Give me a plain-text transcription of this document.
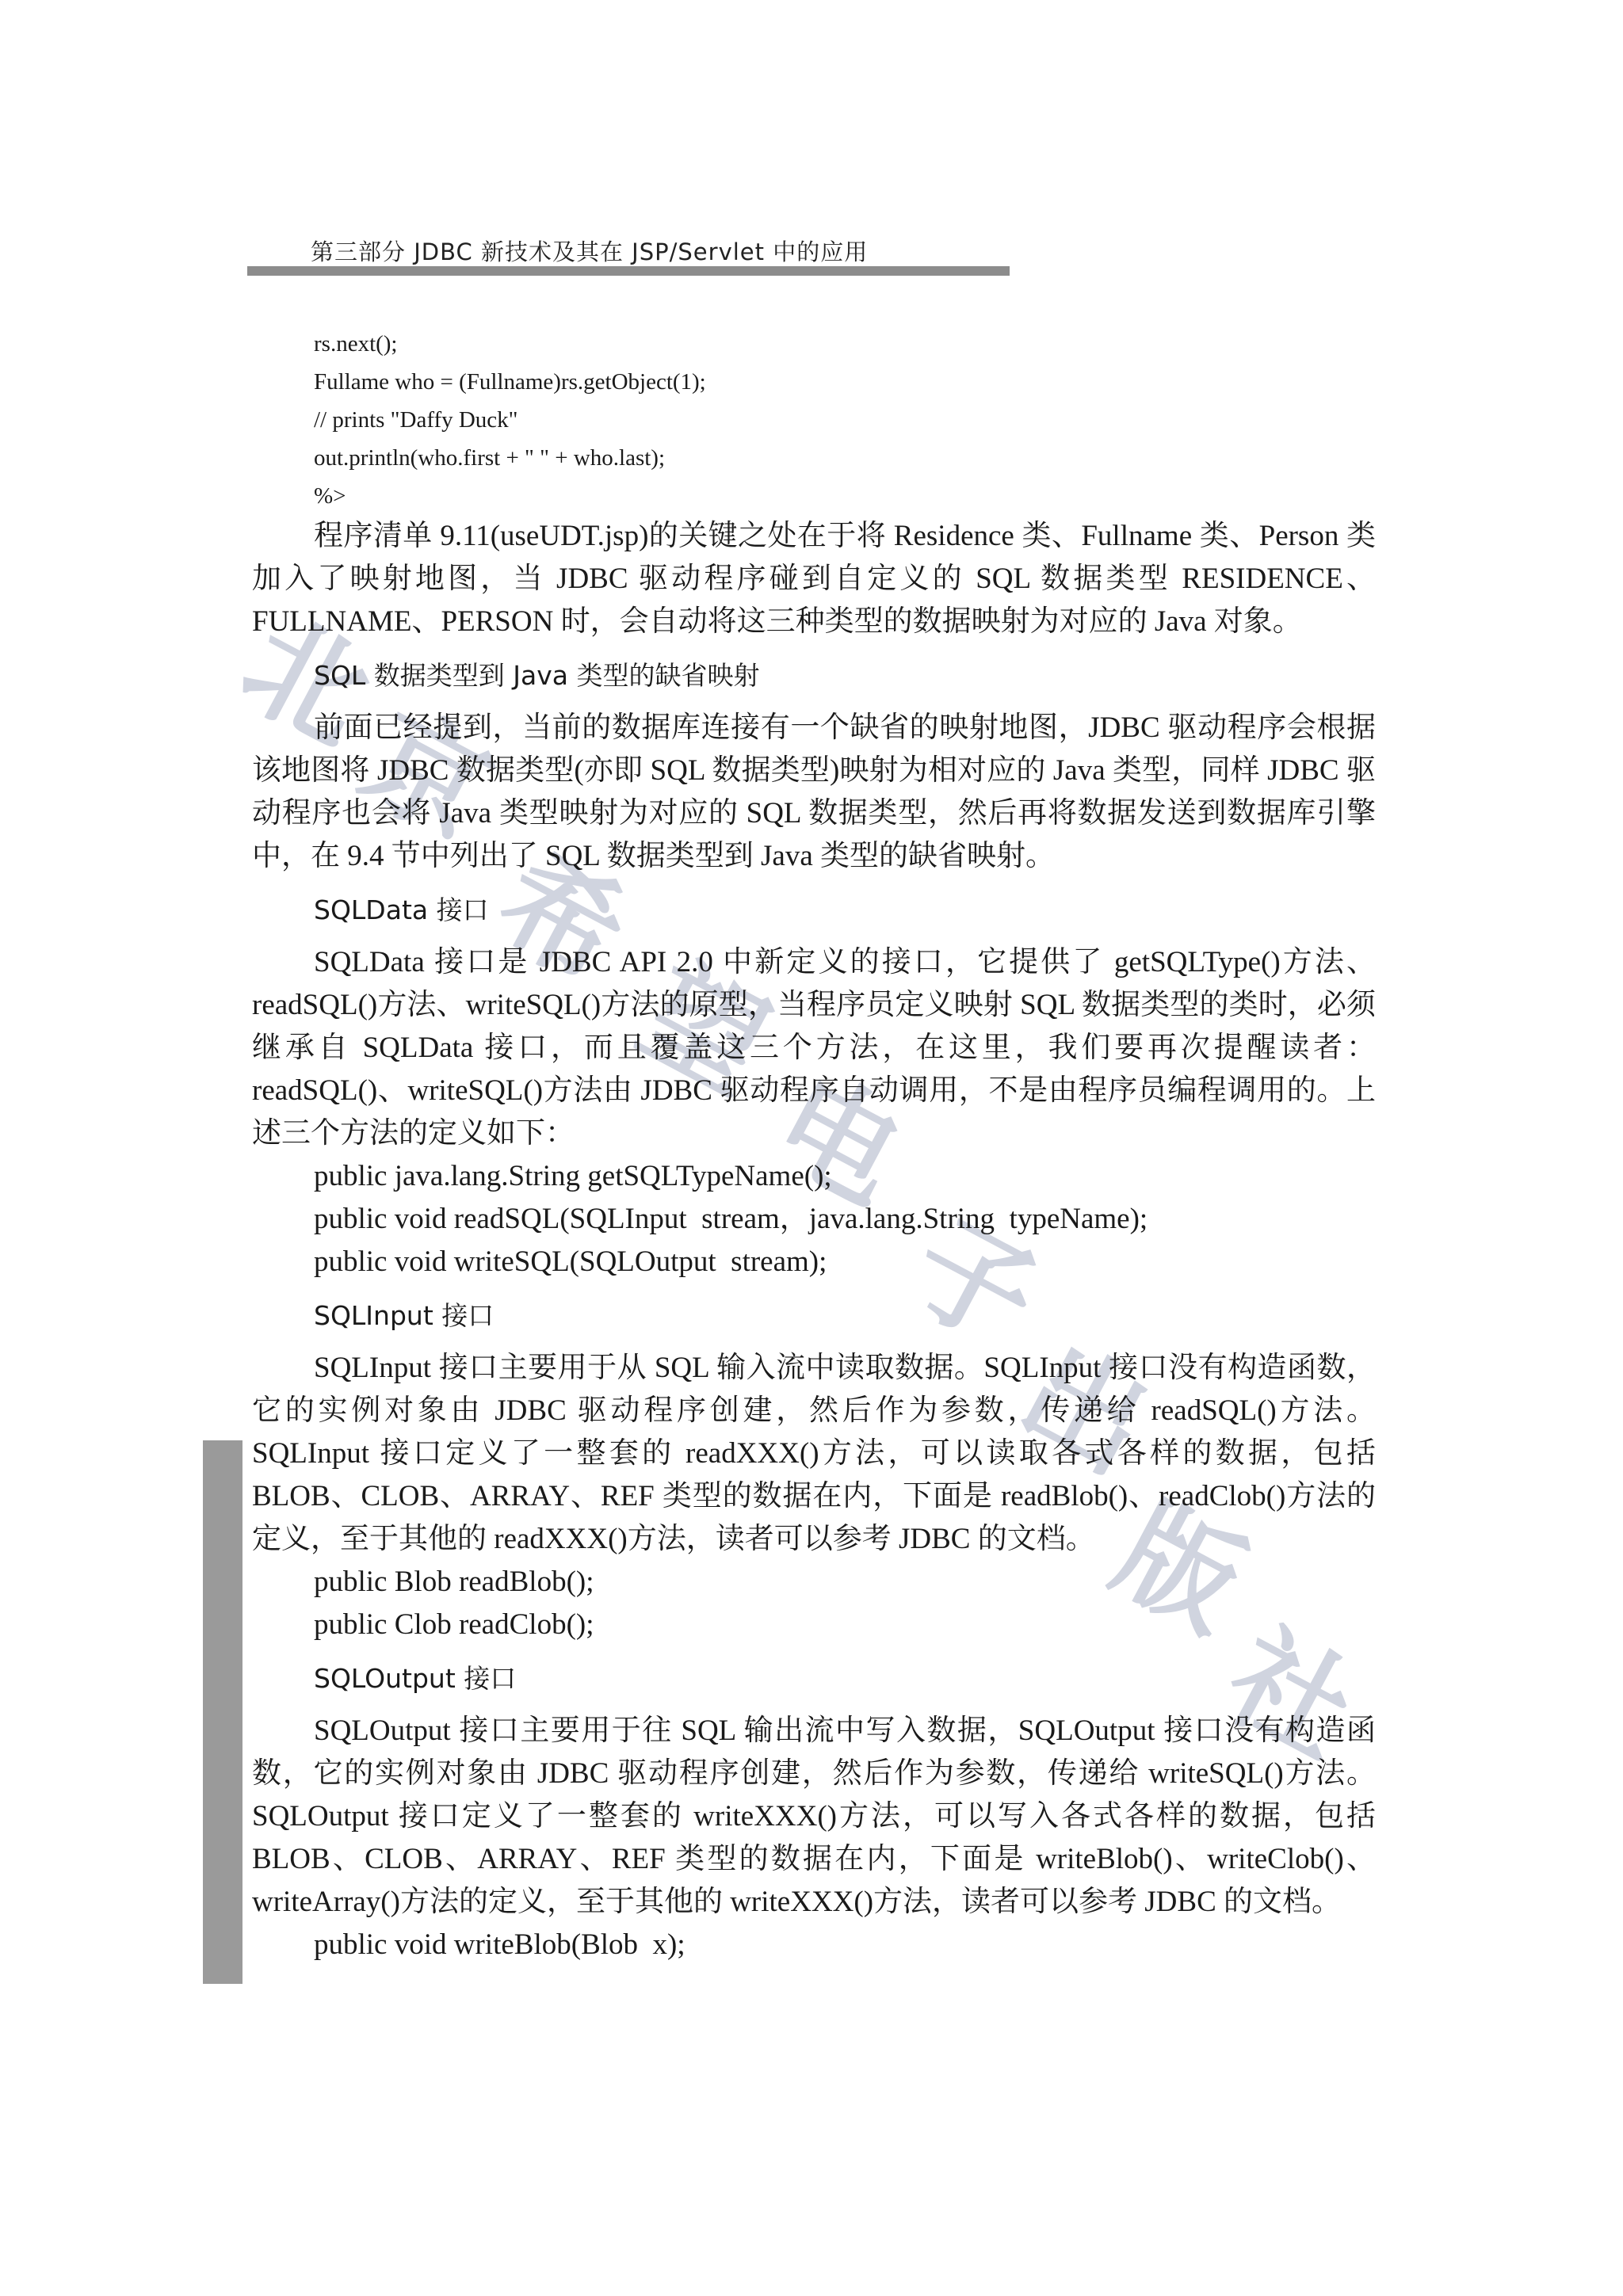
第三部分 JDBC 新技术及其在 JSP/Servlet 中的应用
北
京
希
望
电
子
出
版
社
rs.next();
Fullame who = (Fullname)rs.getObject(1);
// prints "Daffy Duck"
out.println(who.first + " " + who.last);
%>

程序清单 9.11(useUDT.jsp)的关键之处在于将 Residence 类、Fullname 类、Person 类加入了映射地图，当 JDBC 驱动程序碰到自定义的 SQL 数据类型 RESIDENCE、FULLNAME、PERSON 时，会自动将这三种类型的数据映射为对应的 Java 对象。

SQL 数据类型到 Java 类型的缺省映射

前面已经提到，当前的数据库连接有一个缺省的映射地图，JDBC 驱动程序会根据该地图将 JDBC 数据类型(亦即 SQL 数据类型)映射为相对应的 Java 类型，同样 JDBC 驱动程序也会将 Java 类型映射为对应的 SQL 数据类型，然后再将数据发送到数据库引擎中，在 9.4 节中列出了 SQL 数据类型到 Java 类型的缺省映射。

SQLData 接口

SQLData 接口是 JDBC API 2.0 中新定义的接口，它提供了 getSQLType()方法、readSQL()方法、writeSQL()方法的原型，当程序员定义映射 SQL 数据类型的类时，必须继承自 SQLData 接口，而且覆盖这三个方法，在这里，我们要再次提醒读者：readSQL()、writeSQL()方法由 JDBC 驱动程序自动调用，不是由程序员编程调用的。上述三个方法的定义如下：

public java.lang.String getSQLTypeName();
public void readSQL(SQLInput  stream，java.lang.String  typeName);
public void writeSQL(SQLOutput  stream);
SQLInput 接口

SQLInput 接口主要用于从 SQL 输入流中读取数据。SQLInput 接口没有构造函数，它的实例对象由 JDBC 驱动程序创建，然后作为参数，传递给 readSQL()方法。SQLInput 接口定义了一整套的 readXXX()方法，可以读取各式各样的数据，包括 BLOB、CLOB、ARRAY、REF 类型的数据在内，下面是 readBlob()、readClob()方法的定义，至于其他的 readXXX()方法，读者可以参考 JDBC 的文档。

public Blob readBlob();
public Clob readClob();
SQLOutput 接口

SQLOutput 接口主要用于往 SQL 输出流中写入数据，SQLOutput 接口没有构造函数，它的实例对象由 JDBC 驱动程序创建，然后作为参数，传递给 writeSQL()方法。SQLOutput 接口定义了一整套的 writeXXX()方法，可以写入各式各样的数据，包括 BLOB、CLOB、ARRAY、REF 类型的数据在内，下面是 writeBlob()、writeClob()、writeArray()方法的定义，至于其他的 writeXXX()方法，读者可以参考 JDBC 的文档。

public void writeBlob(Blob  x);
